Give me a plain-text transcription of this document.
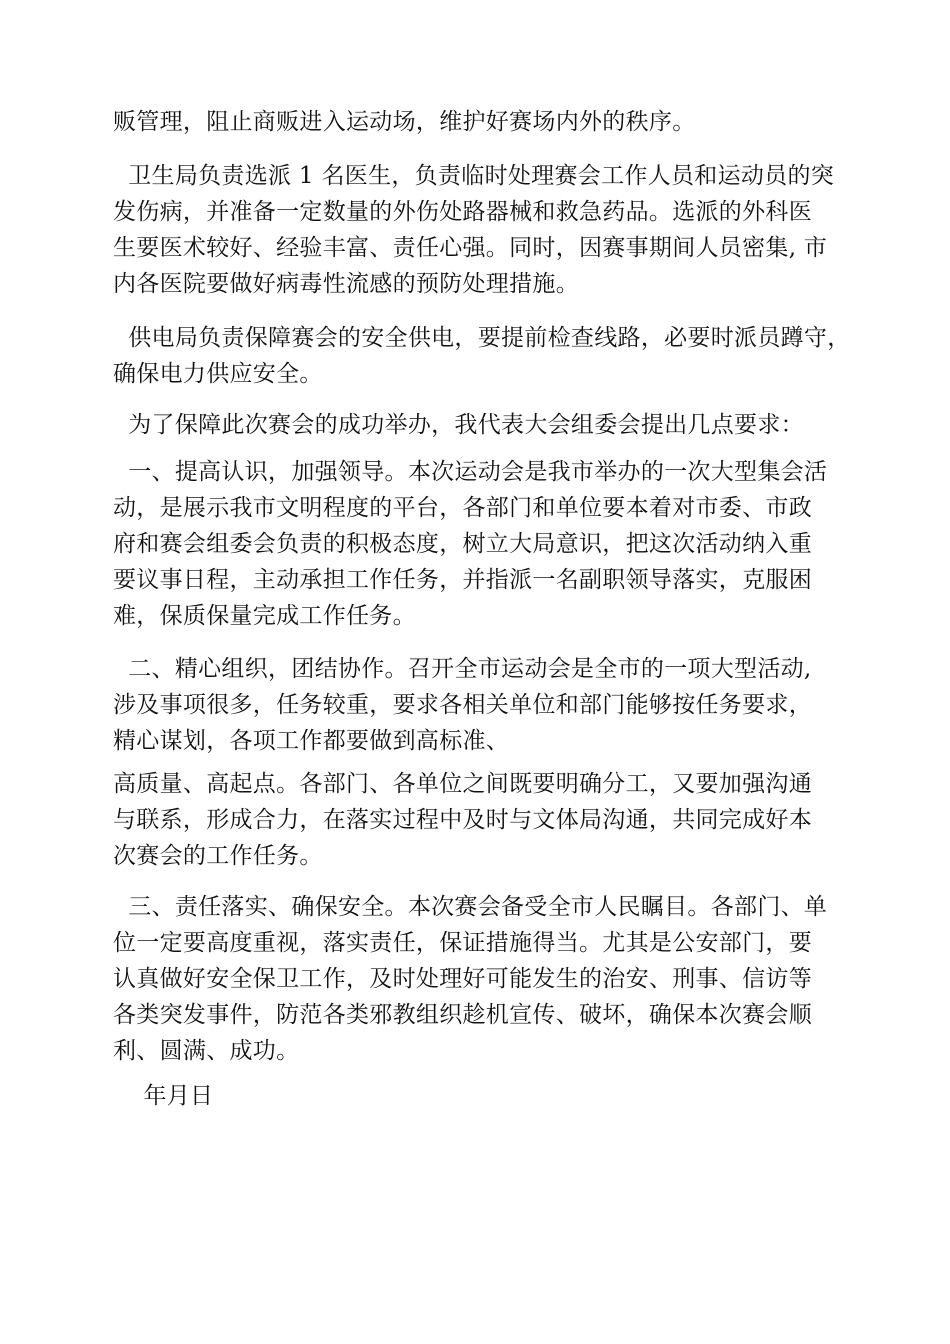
贩管理，阻止商贩进入运动场，维护好赛场内外的秩序。

卫生局负责选派 1 名医生，负责临时处理赛会工作人员和运动员的突
发伤病，并准备一定数量的外伤处路器械和救急药品。选派的外科医
生要医术较好、经验丰富、责任心强。同时，因赛事期间人员密集, 市
内各医院要做好病毒性流感的预防处理措施。

供电局负责保障赛会的安全供电，要提前检查线路，必要时派员蹲守，
确保电力供应安全。

为了保障此次赛会的成功举办，我代表大会组委会提出几点要求：

一、提高认识，加强领导。本次运动会是我市举办的一次大型集会活
动，是展示我市文明程度的平台，各部门和单位要本着对市委、市政
府和赛会组委会负责的积极态度，树立大局意识，把这次活动纳入重
要议事日程，主动承担工作任务，并指派一名副职领导落实，克服困
难，保质保量完成工作任务。

二、精心组织，团结协作。召开全市运动会是全市的一项大型活动,
涉及事项很多，任务较重，要求各相关单位和部门能够按任务要求，
精心谋划，各项工作都要做到高标准、

高质量、高起点。各部门、各单位之间既要明确分工，又要加强沟通
与联系，形成合力，在落实过程中及时与文体局沟通，共同完成好本
次赛会的工作任务。

三、责任落实、确保安全。本次赛会备受全市人民瞩目。各部门、单
位一定要高度重视，落实责任，保证措施得当。尤其是公安部门，要
认真做好安全保卫工作，及时处理好可能发生的治安、刑事、信访等
各类突发事件，防范各类邪教组织趁机宣传、破坏，确保本次赛会顺
利、圆满、成功。

年月日
